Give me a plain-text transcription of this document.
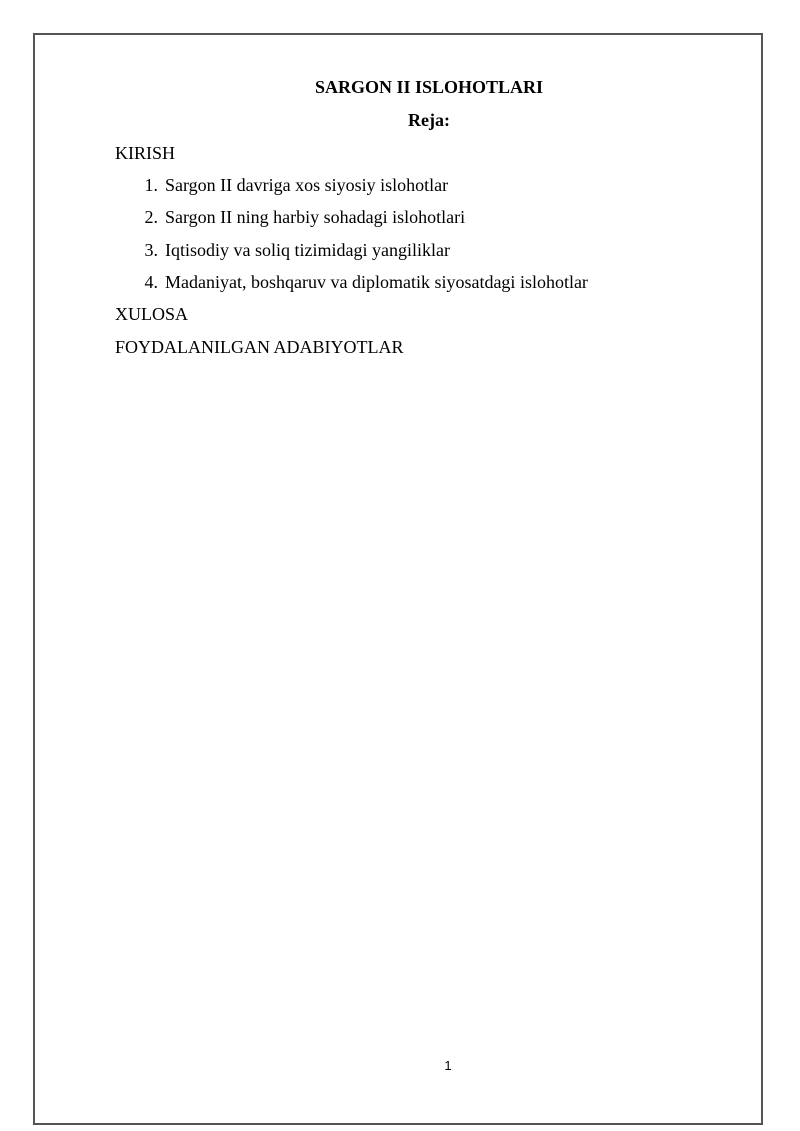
SARGON II ISLOHOTLARI
Reja:

KIRISH

1. Sargon II davriga xos siyosiy islohotlar
2. Sargon II ning harbiy sohadagi islohotlari
3. Iqtisodiy va soliq tizimidagi yangiliklar
4. Madaniyat, boshqaruv va diplomatik siyosatdagi islohotlar

XULOSA

FOYDALANILGAN ADABIYOTLAR

1
